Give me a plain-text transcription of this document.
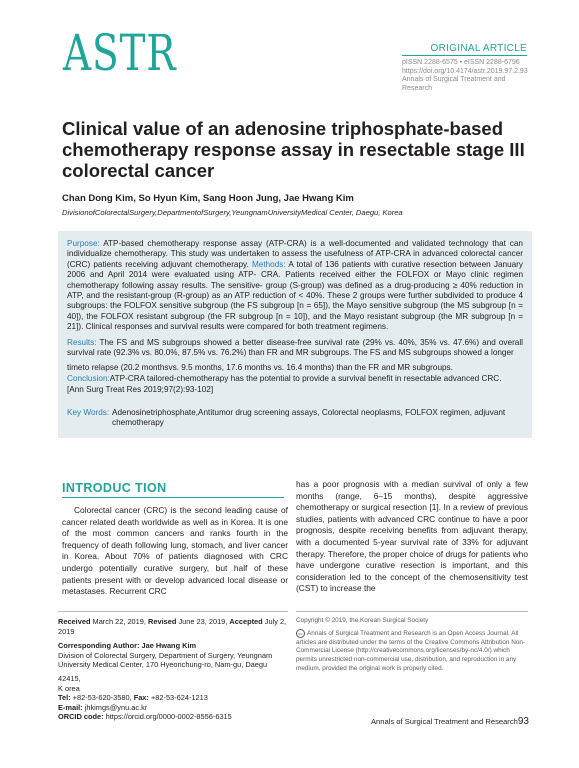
ASTR	ORIGINAL ARTICLE
pISSN 2288-6575 • eISSN 2288-6796
https://doi.org/10.4174/astr.2019.97.2.93
Annals of Surgical Treatment and Research
Clinical value of an adenosine triphosphate-based chemotherapy response assay in resectable stage III colorectal cancer
Chan Dong Kim, So Hyun Kim, Sang Hoon Jung, Jae Hwang Kim
DivisionofColorectalSurgery,DepartmentofSurgery,YeungnamUniversityMedical Center, Daegu, Korea
Purpose: ATP-based chemotherapy response assay (ATP-CRA) is a well-documented and validated technology that can individualize chemotherapy. This study was undertaken to assess the usefulness of ATP-CRA in advanced colorectal cancer (CRC) patients receiving adjuvant chemotherapy. Methods: A total of 136 patients with curative resection between January 2006 and April 2014 were evaluated using ATP- CRA. Patients received either the FOLFOX or Mayo clinic regimen chemotherapy following assay results. The sensitive- group (S-group) was defined as a drug-producing ≥ 40% reduction in ATP, and the resistant-group (R-group) as an ATP reduction of < 40%. These 2 groups were further subdivided to produce 4 subgroups: the FOLFOX sensitive subgroup (the FS subgroup [n = 65]), the Mayo sensitive subgroup (the MS subgroup [n = 40]), the FOLFOX resistant subgroup (the FR subgroup [n = 10]), and the Mayo resistant subgroup (the MR subgroup [n = 21]). Clinical responses and survival results were compared for both treatment regimens.
Results: The FS and MS subgroups showed a better disease-free survival rate (29% vs. 40%, 35% vs. 47.6%) and overall survival rate (92.3% vs. 80.0%, 87.5% vs. 76.2%) than FR and MR subgroups. The FS and MS subgroups showed a longer
timeto relapse (20.2 monthsvs. 9.5 months, 17.6 months vs. 16.4 months) than the FR and MR subgroups.
Conclusion:ATP-CRA tailored-chemotherapy has the potential to provide a survival benefit in resectable advanced CRC.
[Ann Surg Treat Res 2019;97(2):93-102]
Key Words: Adenosinetriphosphate,Antitumor drug screening assays, Colorectal neoplasms, FOLFOX regimen, adjuvant chemotherapy
INTRODUC TION
Colorectal cancer (CRC) is the second leading cause of cancer related death worldwide as well as in Korea. It is one of the most common cancers and ranks fourth in the frequency of death following lung, stomach, and liver cancer in Korea. About 70% of patients diagnosed with CRC undergo potentially curative surgery, but half of these patients present with or develop advanced local disease or metastases. Recurrent CRC
has a poor prognosis with a median survival of only a few months (range, 6–15 months), despite aggressive chemotherapy or surgical resection [1]. In a review of previous studies, patients with advanced CRC continue to have a poor prognosis, despite receiving benefits from adjuvant therapy, with a documented 5-year survival rate of 33% for adjuvant therapy. Therefore, the proper choice of drugs for patients who have undergone curative resection is important, and this consideration led to the concept of the chemosensitivity test (CST) to increase the
Received March 22, 2019, Revised June 23, 2019, Accepted July 2, 2019
Corresponding Author: Jae Hwang Kim
Division of Colorectal Surgery, Department of Surgery, Yeungnam
University Medical Center, 170 Hyeonchung-ro, Nam-gu, Daegu
42415,
K orea
Tel: +82-53-620-3580, Fax: +82-53-624-1213
E-mail: jhkimgs@ynu.ac.kr
ORCID code: https://orcid.org/0000-0002-8556-6315
Copyright © 2019, the Korean Surgical Society
cc Annals of Surgical Treatment and Research is an Open Access Journal. All articles are distributed under the terms of the Creative Commons Attribution Non-Commercial License (http://creativecommons.org/licenses/by-nc/4.0/) which permits unrestricted non-commercial use, distribution, and reproduction in any medium, provided the original work is properly cited.
Annals of Surgical Treatment and Research93
